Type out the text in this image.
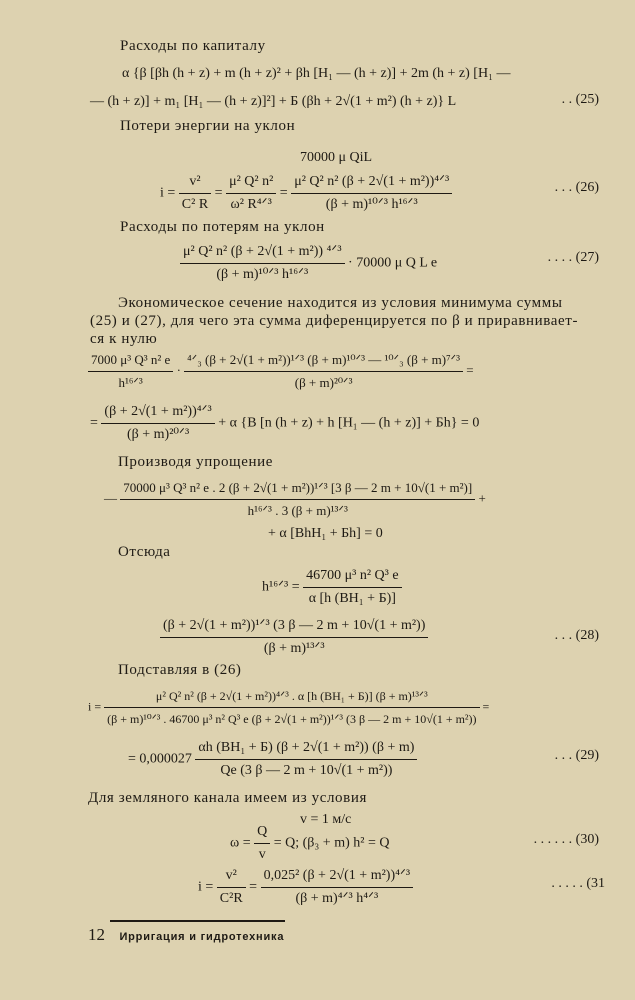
Расходы по капиталу
α {β [βh (h + z) + m (h + z)² + βh [H₁ — (h + z)] + 2m (h + z) [H₁ —
— (h + z)] + m₁ [H₁ — (h + z)]²] + Б (βh + 2√(1 + m²) (h + z)} L	. . (25)
Потери энергии на уклон
70000 μ QiL
$i = \frac{\text{v²}}{\text{C² R}} = \frac{\text{μ² Q² n²}}{\text{ω² R⁴ᐟ³}} = \frac{\text{μ² Q² n² (β + 2√(1 + m²))⁴ᐟ³}}{\text{(β + m)¹⁰ᐟ³ h¹⁶ᐟ³}}$	. . . (26)
Расходы по потерям на уклон
$\frac{\text{μ² Q² n² (β + 2√(1 + m²)) ⁴ᐟ³}}{\text{(β + m)¹⁰ᐟ³ h¹⁶ᐟ³}} \cdot 70000$ μ Q L e	. . . . (27)
Экономическое сечение находится из условия минимума суммы
(25) и (27), для чего эта сумма диференцируется по β и приравнивает-
ся к нулю
$\frac{\text{7000 μ³ Q³ n² e}}{\text{h¹⁶ᐟ³}} \cdot \frac{\text{⁴ᐟ₃ (β + 2√(1 + m²))¹ᐟ³ (β + m)¹⁰ᐟ³ — ¹⁰ᐟ₃ (β + m)⁷ᐟ³}}{\text{(β + m)²⁰ᐟ³}}$ =
= $\frac{\text{(β + 2√(1 + m²))⁴ᐟ³}}{\text{(β + m)²⁰ᐟ³}} + \alpha$ {B [n (h + z) + h [H₁ — (h + z)] + Бh} = 0
Производя упрощение
—
70000 μ³ Q³ n² e . 2 (β + 2√(1 + m²))¹ᐟ³ [3 β — 2 m + 10√(1 + m²)]
h¹⁶ᐟ³ . 3 (β + m)¹³ᐟ³
+
+ α [BhH₁ + Бh] = 0
Отсюда
h¹⁶ᐟ³ = $\frac{\text{46700 μ³ n² Q³ e}}{\text{α [h (BH₁ + Б)]}}$
$\frac{\text{(β + 2√(1 + m²))¹ᐟ³ (3 β — 2 m + 10√(1 + m²))}}{\text{(β + m)¹³ᐟ³}}$	. . . (28)
Подставляя в (26)
i =
μ² Q² n² (β + 2√(1 + m²))⁴ᐟ³ . α [h (BH₁ + Б)] (β + m)¹³ᐟ³
(β + m)¹⁰ᐟ³ . 46700 μ³ n² Q³ e (β + 2√(1 + m²))¹ᐟ³ (3 β — 2 m + 10√(1 + m²))
=
= $0,000027 \frac{\text{αh (BH₁ + Б) (β + 2√(1 + m²)) (β + m)}}{\text{Qe (3 β — 2 m + 10√(1 + m²))}}$	. . . (29)
Для земляного канала имеем из условия
v = 1 м/с
$\omega = \frac{Q}{v} = Q$; (β₃ + m) h² = Q	. . . . . . (30)
$i = \frac{\text{v²}}{\text{C²R}} = \frac{\text{0,025² (β + 2√(1 + m²))⁴ᐟ³}}{\text{(β + m)⁴ᐟ³ h⁴ᐟ³}}$	. . . . . (31
12 Ирригация и гидротехника
